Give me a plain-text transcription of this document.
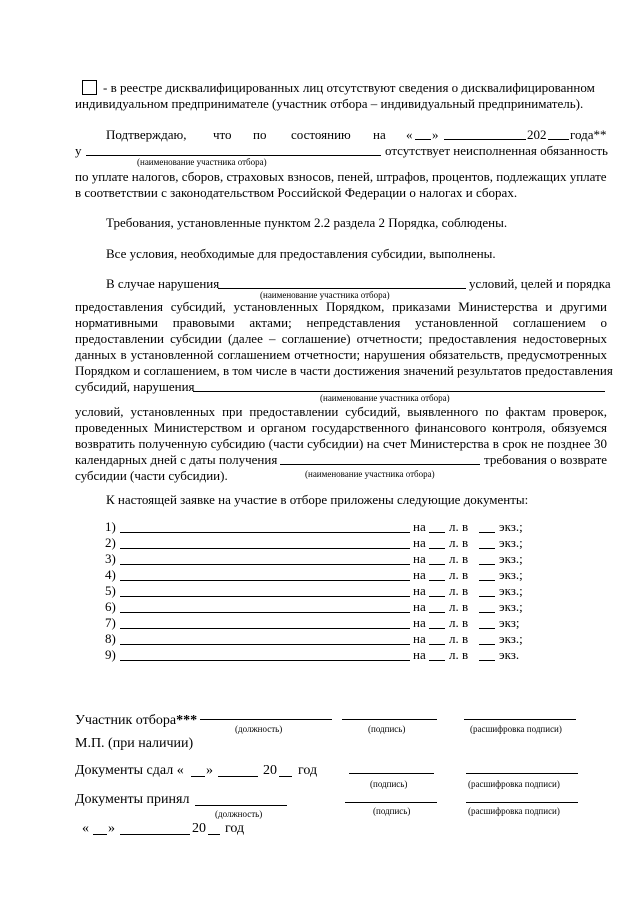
- в реестре дисквалифицированных лиц отсутствуют сведения о дисквалифицированном
индивидуальном предпринимателе (участник отбора – индивидуальный предприниматель).
Подтверждаю, что по состоянию на « »	202 года**
у	отсутствует неисполненная обязанность
(наименование участника отбора)
по уплате налогов, сборов, страховых взносов, пеней, штрафов, процентов, подлежащих уплате
в соответствии с законодательством Российской Федерации о налогах и сборах.
Требования, установленные пунктом 2.2 раздела 2 Порядка, соблюдены.
Все условия, необходимые для предоставления субсидии, выполнены.
В случае нарушения	условий, целей и порядка
(наименование участника отбора)
предоставления субсидий, установленных Порядком, приказами Министерства и другими
нормативными правовыми актами; непредставления установленной соглашением о
предоставлении субсидии (далее – соглашение) отчетности; предоставления недостоверных
данных в установленной соглашением отчетности; нарушения обязательств, предусмотренных
Порядком и соглашением, в том числе в части достижения значений результатов предоставления
субсидий, нарушения
(наименование участника отбора)
условий, установленных при предоставлении субсидий, выявленного по фактам проверок,
проведенных Министерством и органом государственного финансового контроля, обязуемся
возвратить полученную субсидию (части субсидии) на счет Министерства в срок не позднее 30
календарных дней с даты получения	требования о возврате
субсидии (части субсидии).	(наименование участника отбора)
К настоящей заявке на участие в отборе приложены следующие документы:
1)	на л. в экз.;
2)	на л. в экз.;
3)	на л. в экз.;
4)	на л. в экз.;
5)	на л. в экз.;
6)	на л. в экз.;
7)	на л. в экз;
8)	на л. в экз.;
9)	на л. в экз.
Участник отбора***
(должность)	(подпись)	(расшифровка подписи)
М.П. (при наличии)
Документы сдал « »	20 год
(подпись)	(расшифровка подписи)
Документы принял
(должность)	(подпись)	(расшифровка подписи)
« »	20 год
